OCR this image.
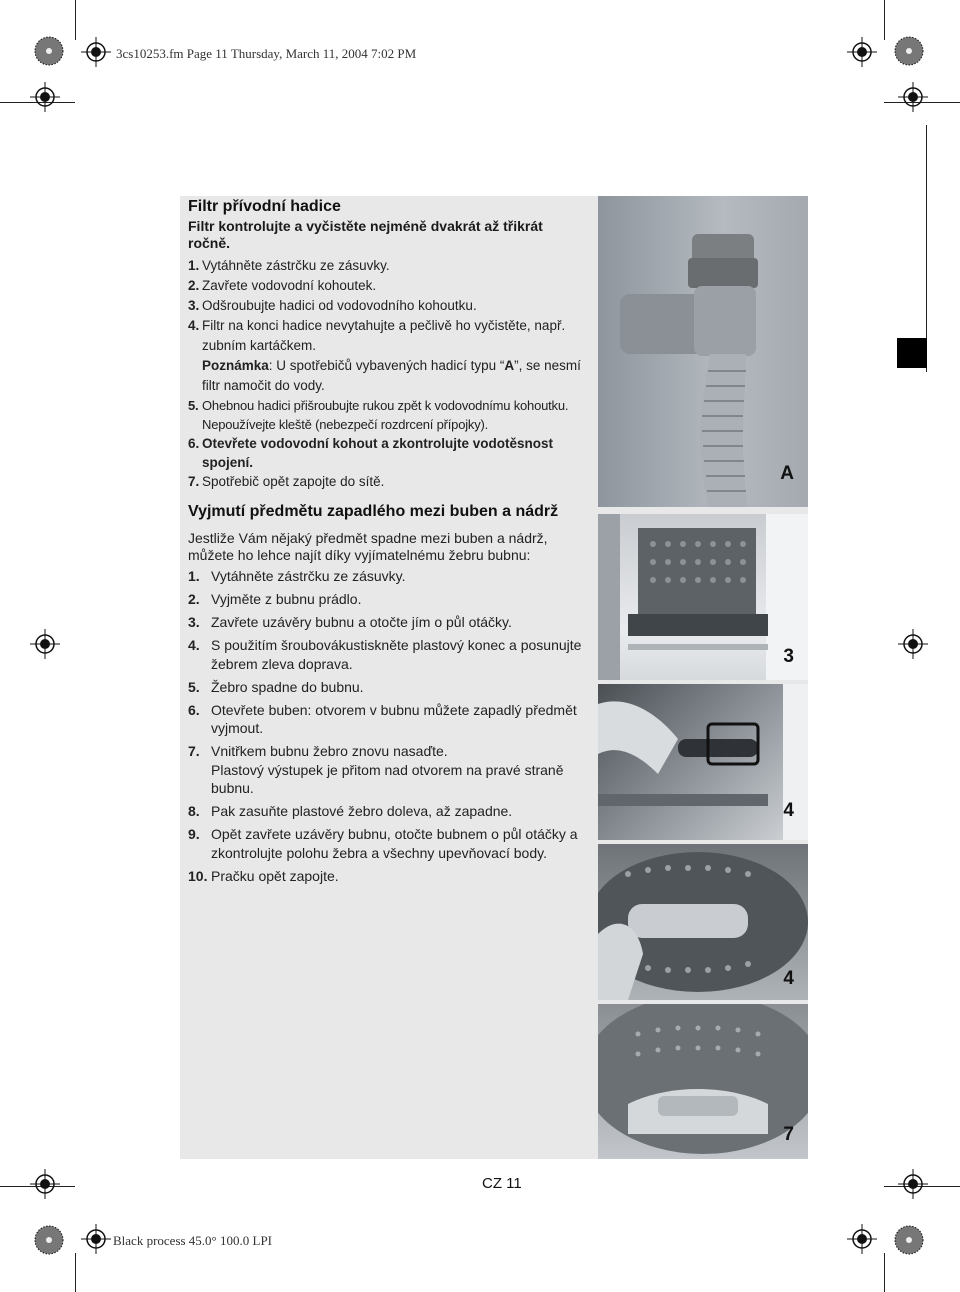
3cs10253.fm Page 11 Thursday, March 11, 2004 7:02 PM
Black process 45.0° 100.0 LPI
Filtr přívodní hadice
Filtr kontrolujte a vyčistěte nejméně dvakrát až třikrát ročně.
1. Vytáhněte zástrčku ze zásuvky.
2. Zavřete vodovodní kohoutek.
3. Odšroubujte hadici od vodovodního kohoutku.
4. Filtr na konci hadice nevytahujte a pečlivě ho vyčistěte, např. zubním kartáčkem.
Poznámka: U spotřebičů vybavených hadicí typu “A”, se nesmí filtr namočit do vody.
5. Ohebnou hadici přišroubujte rukou zpět k vodovodnímu kohoutku. Nepoužívejte kleště (nebezpečí rozdrcení přípojky).
6. Otevřete vodovodní kohout a zkontrolujte vodotěsnost spojení.
7. Spotřebič opět zapojte do sítě.
Vyjmutí předmětu zapadlého mezi buben a nádrž
Jestliže Vám nějaký předmět spadne mezi buben a nádrž, můžete ho lehce najít díky vyjímatelnému žebru bubnu:
1. Vytáhněte zástrčku ze zásuvky.
2. Vyjměte z bubnu prádlo.
3. Zavřete uzávěry bubnu a otočte jím o půl otáčky.
4. S použitím šroubovákustiskněte plastový konec a posunujte žebrem zleva doprava.
5. Žebro spadne do bubnu.
6. Otevřete buben: otvorem v bubnu můžete zapadlý předmět vyjmout.
7. Vnitřkem bubnu žebro znovu nasaďte.
Plastový výstupek je přitom nad otvorem na pravé straně bubnu.
8. Pak zasuňte plastové žebro doleva, až zapadne.
9. Opět zavřete uzávěry bubnu, otočte bubnem o půl otáčky a zkontrolujte polohu žebra a všechny upevňovací body.
10. Pračku opět zapojte.
A
3
4
4
7
CZ 11
